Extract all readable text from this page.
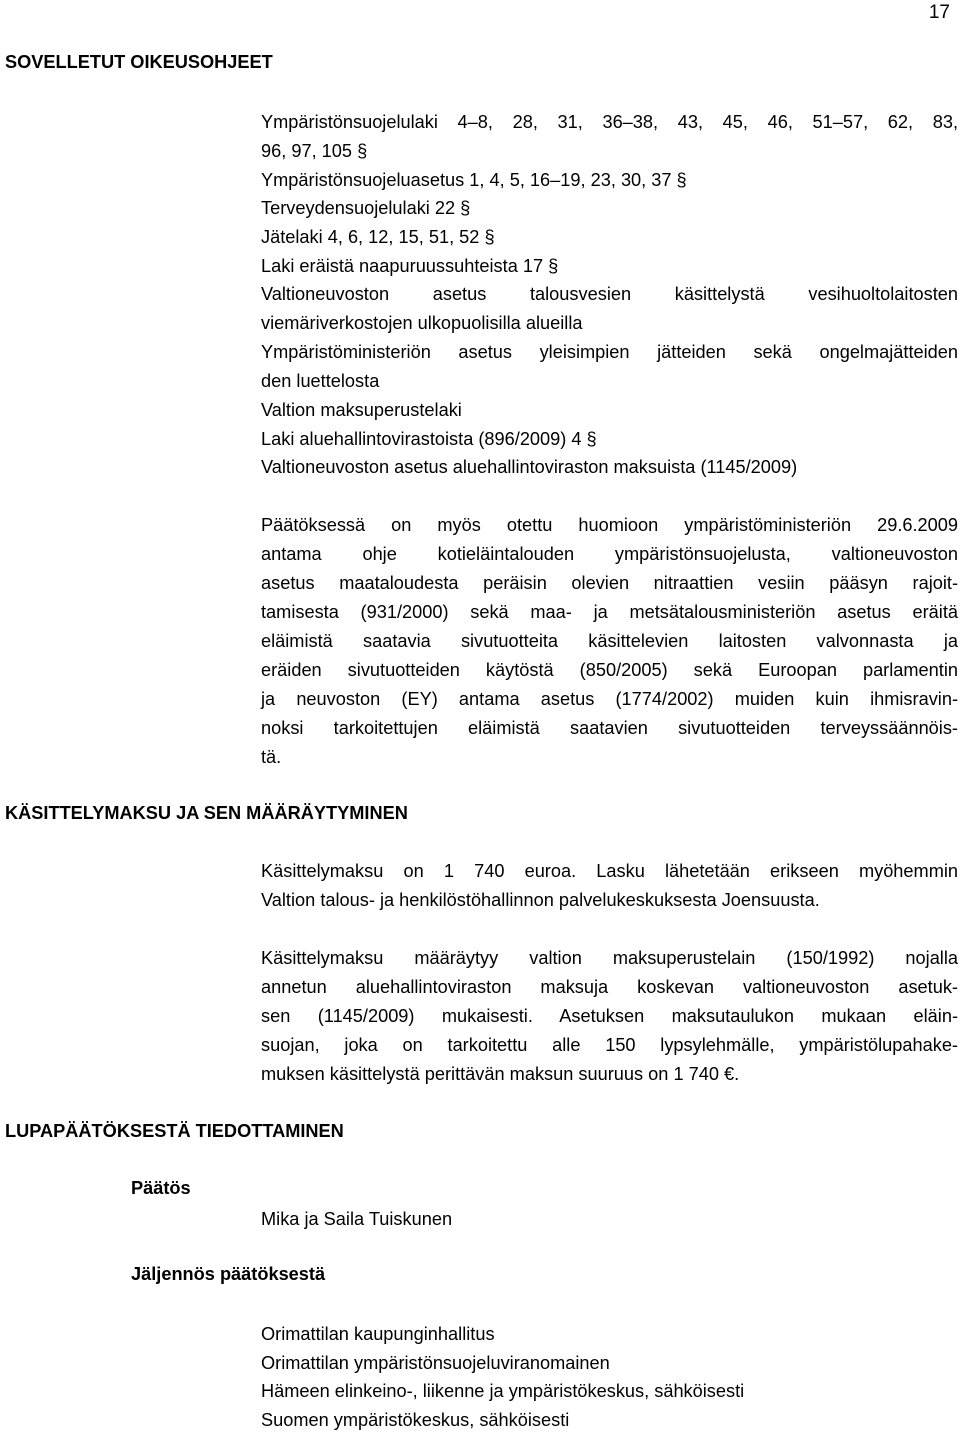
17
SOVELLETUT OIKEUSOHJEET
Ympäristönsuojelulaki 4–8, 28, 31, 36–38, 43, 45, 46, 51–57, 62, 83,
96, 97, 105 §
Ympäristönsuojeluasetus 1, 4, 5, 16–19, 23, 30, 37 §
Terveydensuojelulaki 22 §
Jätelaki 4, 6, 12, 15, 51, 52 §
Laki eräistä naapuruussuhteista 17 §
Valtioneuvoston asetus talousvesien käsittelystä vesihuoltolaitosten
viemäriverkostojen ulkopuolisilla alueilla
Ympäristöministeriön asetus yleisimpien jätteiden sekä ongelmajätteiden
den luettelosta
Valtion maksuperustelaki
Laki aluehallintovirastoista (896/2009) 4 §
Valtioneuvoston asetus aluehallintoviraston maksuista (1145/2009)
Päätöksessä on myös otettu huomioon ympäristöministeriön 29.6.2009
antama ohje kotieläintalouden ympäristönsuojelusta, valtioneuvoston
asetus maataloudesta peräisin olevien nitraattien vesiin pääsyn rajoit-
tamisesta (931/2000) sekä maa- ja metsätalousministeriön asetus eräitä
eläimistä saatavia sivutuotteita käsittelevien laitosten valvonnasta ja
eräiden sivutuotteiden käytöstä (850/2005) sekä Euroopan parlamentin
ja neuvoston (EY) antama asetus (1774/2002) muiden kuin ihmisravin-
noksi tarkoitettujen eläimistä saatavien sivutuotteiden terveyssäännöis-
tä.
KÄSITTELYMAKSU JA SEN MÄÄRÄYTYMINEN
Käsittelymaksu on 1 740 euroa. Lasku lähetetään erikseen myöhemmin
Valtion talous- ja henkilöstöhallinnon palvelukeskuksesta Joensuusta.
Käsittelymaksu määräytyy valtion maksuperustelain (150/1992) nojalla
annetun aluehallintoviraston maksuja koskevan valtioneuvoston asetuk-
sen (1145/2009) mukaisesti. Asetuksen maksutaulukon mukaan eläin-
suojan, joka on tarkoitettu alle 150 lypsylehmälle, ympäristölupahake-
muksen käsittelystä perittävän maksun suuruus on 1 740 €.
LUPAPÄÄTÖKSESTÄ TIEDOTTAMINEN
Päätös
Mika ja Saila Tuiskunen
Jäljennös päätöksestä
Orimattilan kaupunginhallitus
Orimattilan ympäristönsuojeluviranomainen
Hämeen elinkeino-, liikenne ja ympäristökeskus, sähköisesti
Suomen ympäristökeskus, sähköisesti
